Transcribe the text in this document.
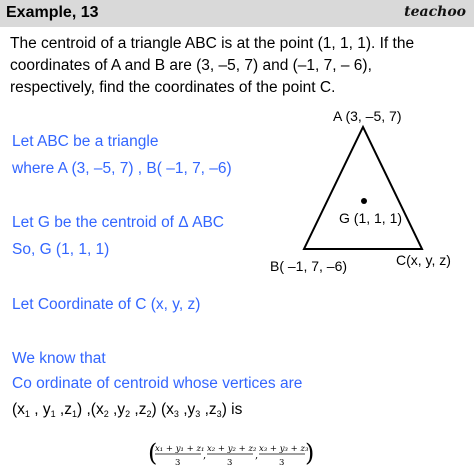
Example, 13	teachoo
The centroid of a triangle ABC is at the point (1, 1, 1). If the coordinates of A and B are (3, –5, 7) and (–1, 7, – 6), respectively, find the coordinates of the point C.
Let ABC be a triangle
where A (3, –5, 7) , B( –1, 7, –6)
Let G be the centroid of Δ ABC
So, G (1, 1, 1)
Let Coordinate of C (x, y, z)
We know that
Co ordinate of centroid whose vertices are
($x_1$ , $y_1$ $,z_1$) $,(x_2$ $,y_2$ $,z_2$) ($x_3$ $,y_3$ $,z_3$) is
(
x₁ + y₁ + z₁
3
,
x₂ + y₂ + z₂
3
,
x₃ + y₃ + z₃
3 )
A (3, –5, 7)
G (1, 1, 1)
B( –1, 7, –6)	C(x, y, z)
